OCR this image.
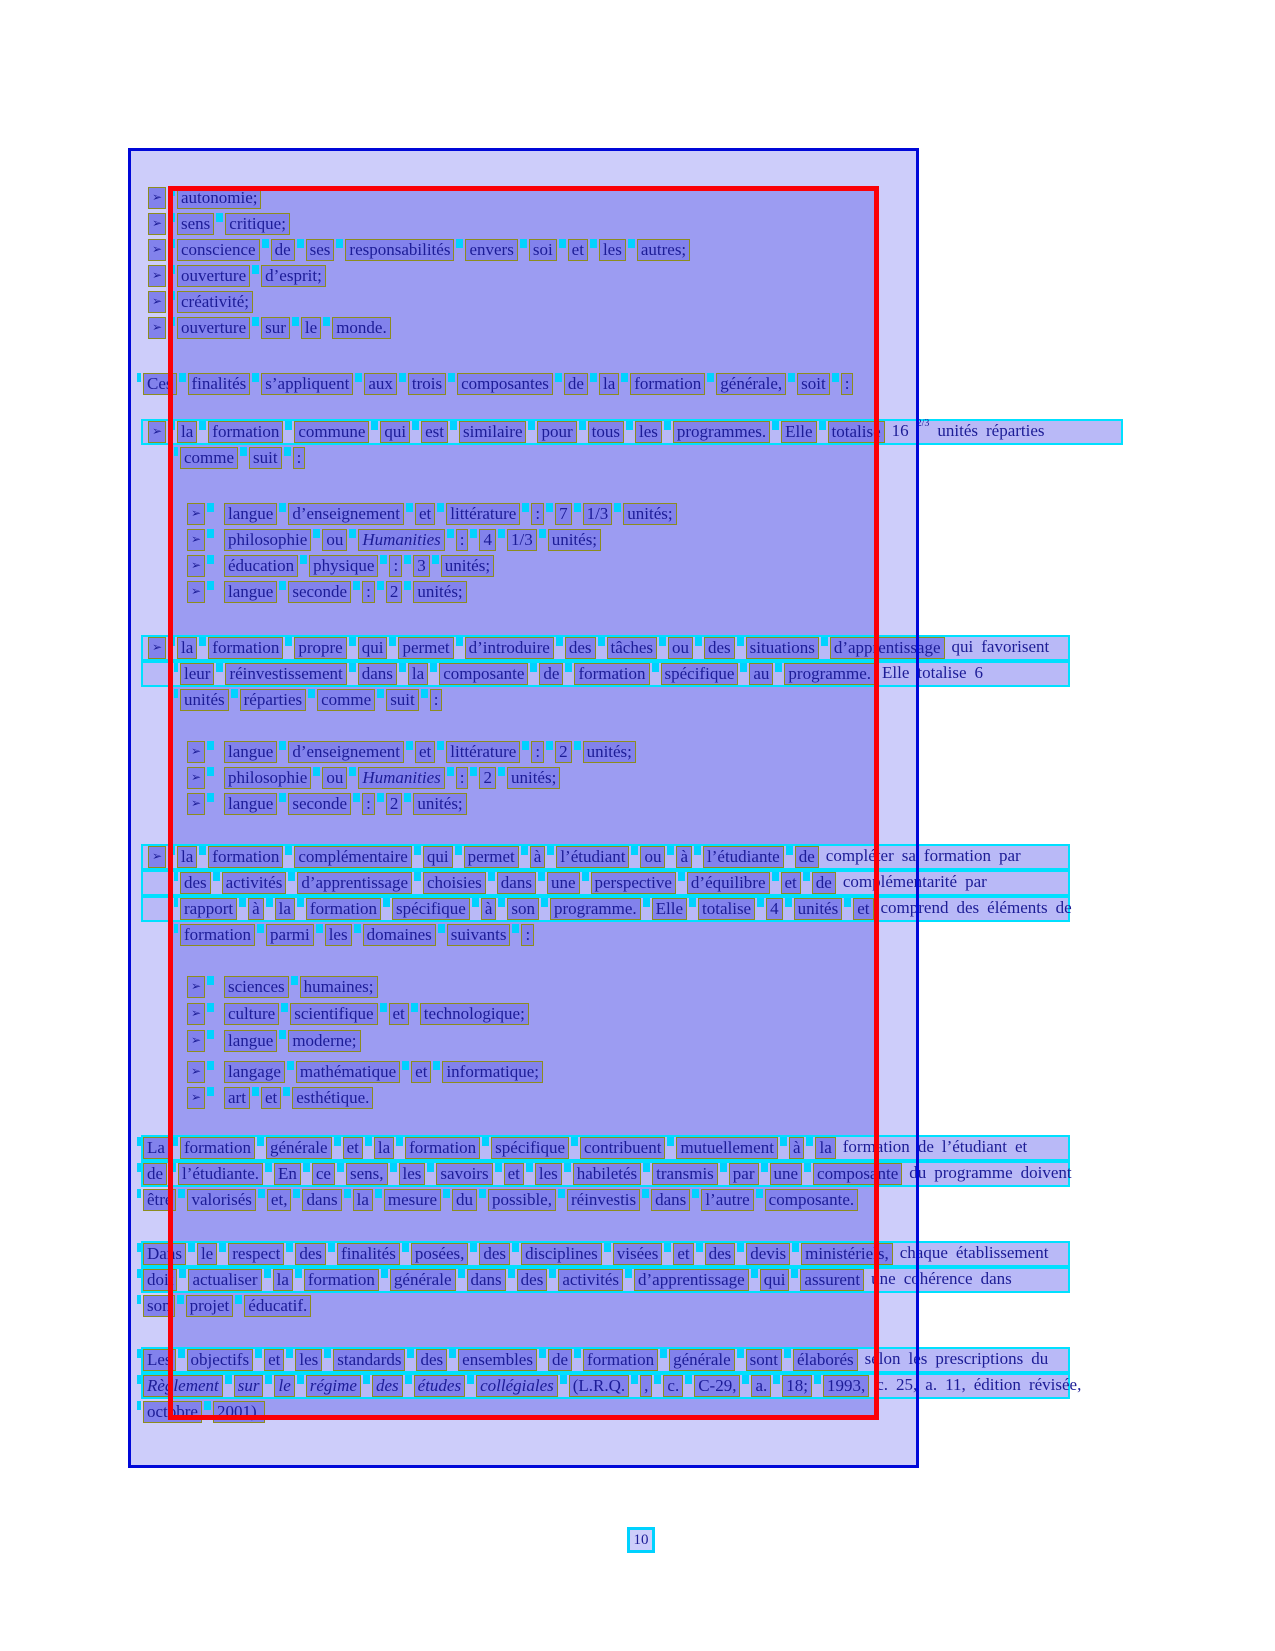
➢ autonomie;
➢ sens critique;
➢ conscience de ses responsabilités envers soi et les autres;
➢ ouverture d’esprit;
➢ créativité;
➢ ouverture sur le monde.
Ces finalités s’appliquent aux trois composantes de la formation générale, soit :
➢ la formation commune qui est similaire pour tous les programmes. Elle totalise 16 2/3 unités réparties
comme suit :
➢ langue d’enseignement et littérature : 7 1/3 unités;
➢ philosophie ou Humanities : 4 1/3 unités;
➢ éducation physique : 3 unités;
➢ langue seconde : 2 unités;
➢ la formation propre qui permet d’introduire des tâches ou des situations d’apprentissage qui favorisent
leur réinvestissement dans la composante de formation spécifique au programme. Elle totalise 6
unités réparties comme suit :
➢ langue d’enseignement et littérature : 2 unités;
➢ philosophie ou Humanities : 2 unités;
➢ langue seconde : 2 unités;
➢ la formation complémentaire qui permet à l’étudiant ou à l’étudiante de compléter sa formation par
des activités d’apprentissage choisies dans une perspective d’équilibre et de complémentarité par
rapport à la formation spécifique à son programme. Elle totalise 4 unités et comprend des éléments de
formation parmi les domaines suivants :
➢ sciences humaines;
➢ culture scientifique et technologique;
➢ langue moderne;
➢ langage mathématique et informatique;
➢ art et esthétique.
La formation générale et la formation spécifique contribuent mutuellement à la formation de l’étudiant et
de l’étudiante. En ce sens, les savoirs et les habiletés transmis par une composante du programme doivent
être valorisés et, dans la mesure du possible, réinvestis dans l’autre composante.
Dans le respect des finalités posées, des disciplines visées et des devis ministériels, chaque établissement
doit actualiser la formation générale dans des activités d’apprentissage qui assurent une cohérence dans
son projet éducatif.
Les objectifs et les standards des ensembles de formation générale sont élaborés selon les prescriptions du
Règlement sur le régime des études collégiales (L.R.Q. , c. C-29, a. 18; 1993, c. 25, a. 11, édition révisée,
octobre 2001).
10
